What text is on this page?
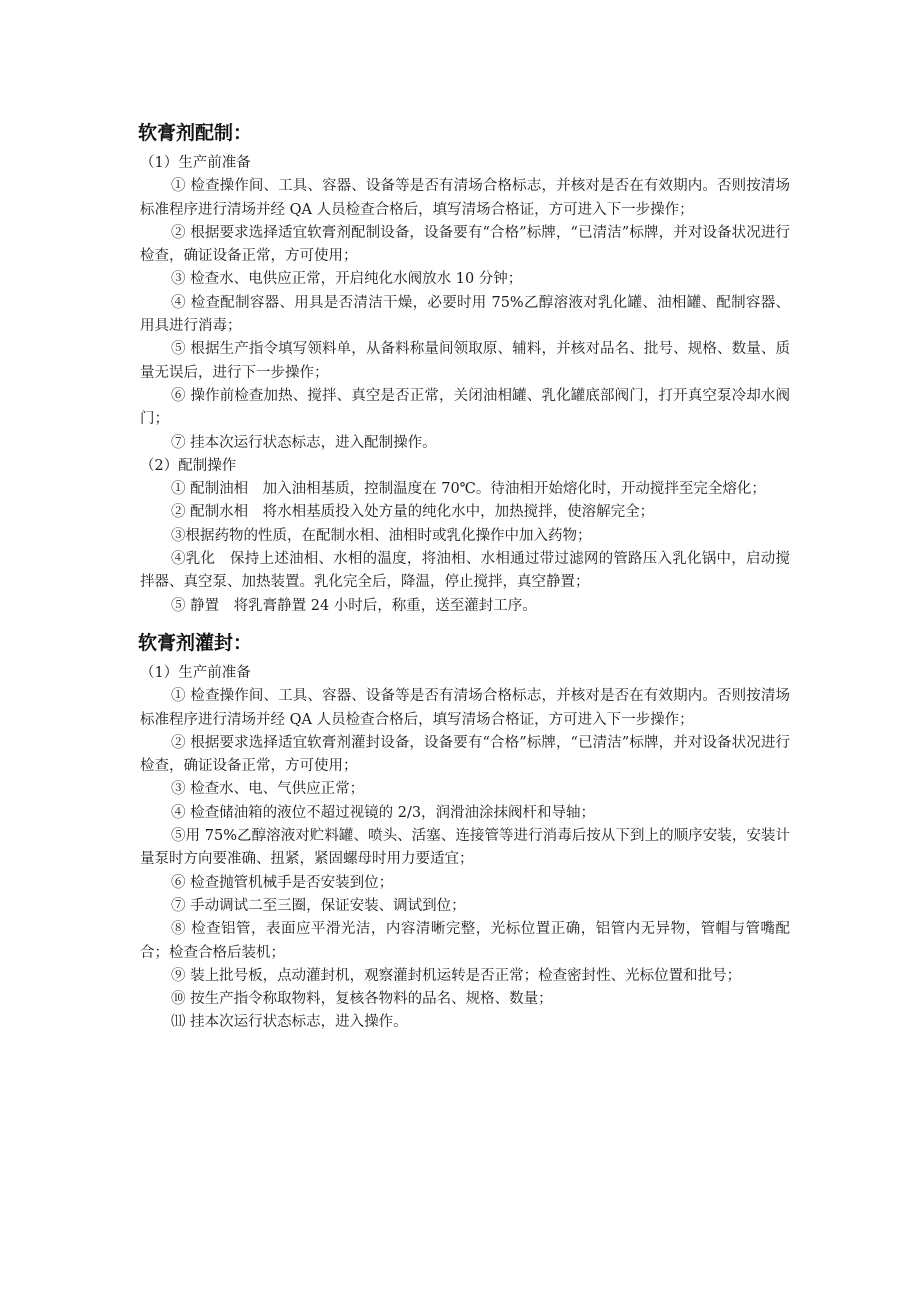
软膏剂配制：

（1）生产前准备

① 检查操作间、工具、容器、设备等是否有清场合格标志，并核对是否在有效期内。否则按清场标准程序进行清场并经 QA 人员检查合格后，填写清场合格证，方可进入下一步操作；

② 根据要求选择适宜软膏剂配制设备，设备要有“合格”标牌，“已清洁”标牌，并对设备状况进行检查，确证设备正常，方可使用；

③ 检查水、电供应正常，开启纯化水阀放水 10 分钟；

④ 检查配制容器、用具是否清洁干燥，必要时用 75%乙醇溶液对乳化罐、油相罐、配制容器、用具进行消毒；

⑤ 根据生产指令填写领料单，从备料称量间领取原、辅料，并核对品名、批号、规格、数量、质量无误后，进行下一步操作；

⑥ 操作前检查加热、搅拌、真空是否正常，关闭油相罐、乳化罐底部阀门，打开真空泵冷却水阀门；

⑦ 挂本次运行状态标志，进入配制操作。

（2）配制操作

① 配制油相　加入油相基质，控制温度在 70℃。待油相开始熔化时，开动搅拌至完全熔化；

② 配制水相　将水相基质投入处方量的纯化水中，加热搅拌，使溶解完全；

③根据药物的性质，在配制水相、油相时或乳化操作中加入药物；

④乳化　保持上述油相、水相的温度，将油相、水相通过带过滤网的管路压入乳化锅中，启动搅拌器、真空泵、加热装置。乳化完全后，降温，停止搅拌，真空静置；

⑤ 静置　将乳膏静置 24 小时后，称重，送至灌封工序。

软膏剂灌封：

（1）生产前准备

① 检查操作间、工具、容器、设备等是否有清场合格标志，并核对是否在有效期内。否则按清场标准程序进行清场并经 QA 人员检查合格后，填写清场合格证，方可进入下一步操作；

② 根据要求选择适宜软膏剂灌封设备，设备要有“合格”标牌，“已清洁”标牌，并对设备状况进行检查，确证设备正常，方可使用；

③ 检查水、电、气供应正常；

④ 检查储油箱的液位不超过视镜的 2/3，润滑油涂抹阀杆和导轴；

⑤用 75%乙醇溶液对贮料罐、喷头、活塞、连接管等进行消毒后按从下到上的顺序安装，安装计量泵时方向要准确、扭紧，紧固螺母时用力要适宜；

⑥ 检查抛管机械手是否安装到位；

⑦ 手动调试二至三圈，保证安装、调试到位；

⑧ 检查铝管，表面应平滑光洁，内容清晰完整，光标位置正确，铝管内无异物，管帽与管嘴配合；检查合格后装机；

⑨ 装上批号板，点动灌封机，观察灌封机运转是否正常；检查密封性、光标位置和批号；

⑩ 按生产指令称取物料，复核各物料的品名、规格、数量；

⑾ 挂本次运行状态标志，进入操作。
